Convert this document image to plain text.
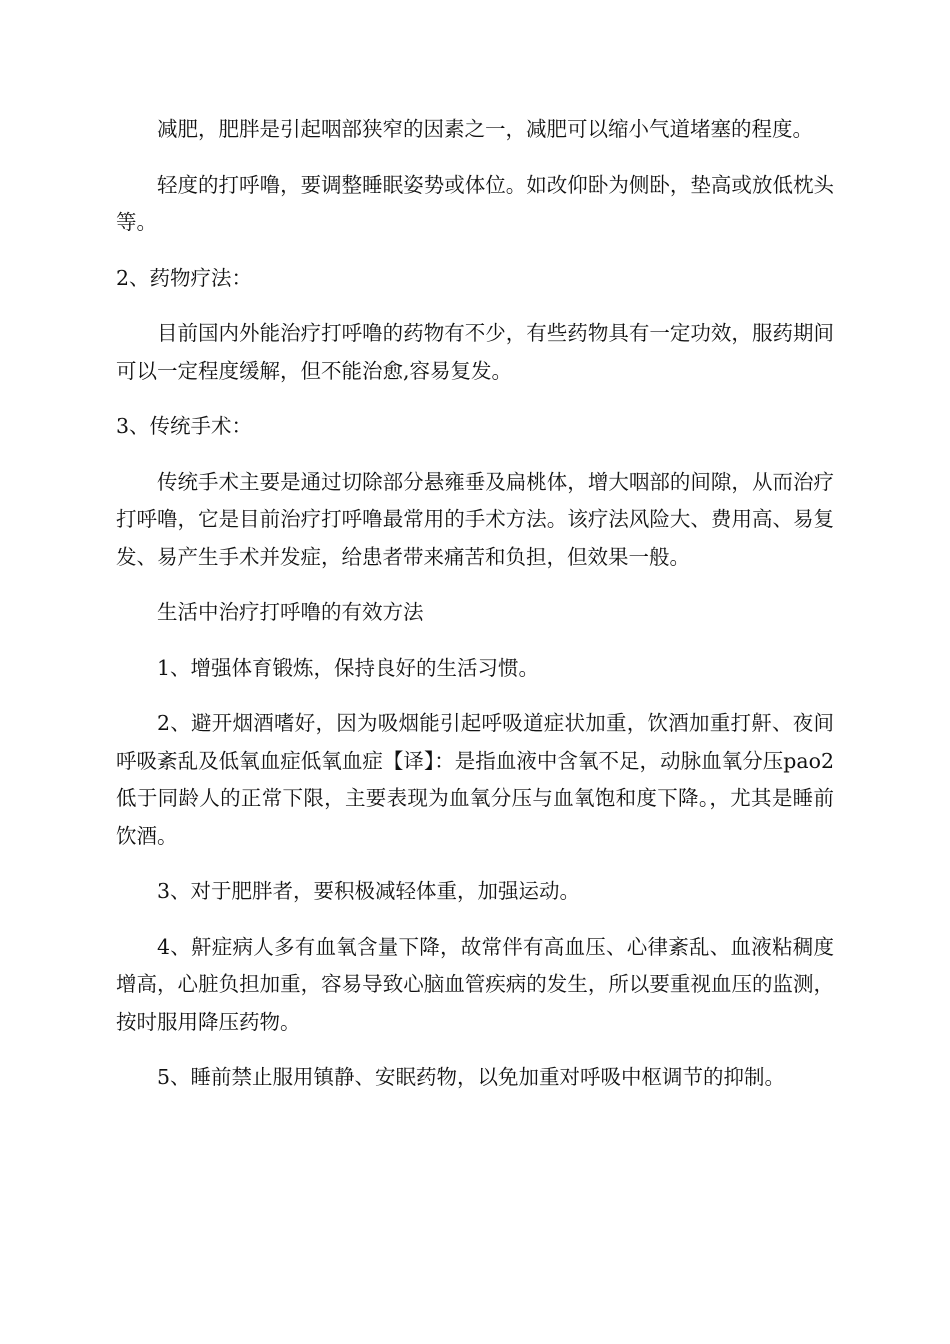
减肥，肥胖是引起咽部狭窄的因素之一，减肥可以缩小气道堵塞的程度。

轻度的打呼噜，要调整睡眠姿势或体位。如改仰卧为侧卧，垫高或放低枕头等。

2、药物疗法：

目前国内外能治疗打呼噜的药物有不少，有些药物具有一定功效，服药期间可以一定程度缓解，但不能治愈,容易复发。

3、传统手术：

传统手术主要是通过切除部分悬雍垂及扁桃体，增大咽部的间隙，从而治疗打呼噜，它是目前治疗打呼噜最常用的手术方法。该疗法风险大、费用高、易复发、易产生手术并发症，给患者带来痛苦和负担，但效果一般。

生活中治疗打呼噜的有效方法

1、增强体育锻炼，保持良好的生活习惯。

2、避开烟酒嗜好，因为吸烟能引起呼吸道症状加重，饮酒加重打鼾、夜间呼吸紊乱及低氧血症低氧血症【译】：是指血液中含氧不足，动脉血氧分压pao2低于同龄人的正常下限，主要表现为血氧分压与血氧饱和度下降。，尤其是睡前饮酒。

3、对于肥胖者，要积极减轻体重，加强运动。

4、鼾症病人多有血氧含量下降，故常伴有高血压、心律紊乱、血液粘稠度增高，心脏负担加重，容易导致心脑血管疾病的发生，所以要重视血压的监测，按时服用降压药物。

5、睡前禁止服用镇静、安眠药物，以免加重对呼吸中枢调节的抑制。
